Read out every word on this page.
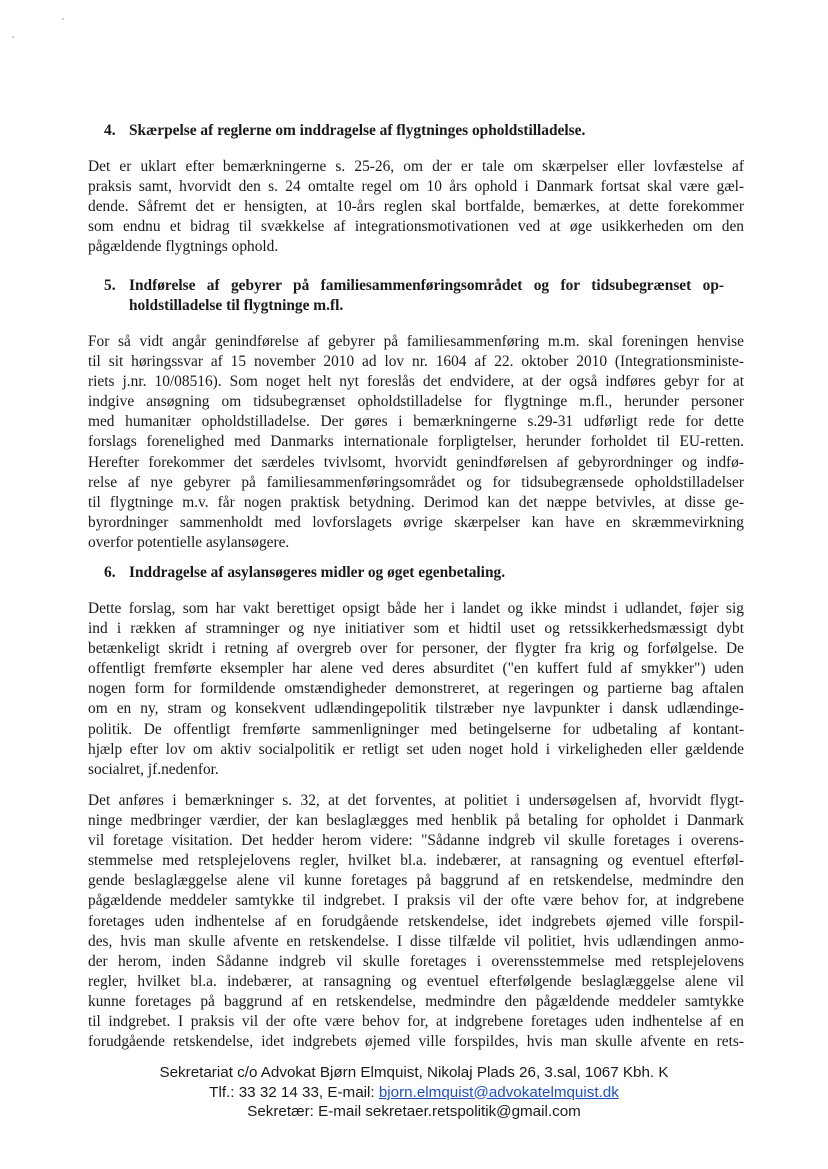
4. Skærpelse af reglerne om inddragelse af flygtninges opholdstilladelse.

Det er uklart efter bemærkningerne s. 25-26, om der er tale om skærpelser eller lovfæstelse af
praksis samt, hvorvidt den s. 24 omtalte regel om 10 års ophold i Danmark fortsat skal være gæl-
dende. Såfremt det er hensigten, at 10-års reglen skal bortfalde, bemærkes, at dette forekommer
som endnu et bidrag til svækkelse af integrationsmotivationen ved at øge usikkerheden om den
pågældende flygtnings ophold.

5. Indførelse af gebyrer på familiesammenføringsområdet og for tidsubegrænset op-
holdstilladelse til flygtninge m.fl.

For så vidt angår genindførelse af gebyrer på familiesammenføring m.m. skal foreningen henvise
til sit høringssvar af 15 november 2010 ad lov nr. 1604 af 22. oktober 2010 (Integrationsministe-
riets j.nr. 10/08516). Som noget helt nyt foreslås det endvidere, at der også indføres gebyr for at
indgive ansøgning om tidsubegrænset opholdstilladelse for flygtninge m.fl., herunder personer
med humanitær opholdstilladelse. Der gøres i bemærkningerne s.29-31 udførligt rede for dette
forslags forenelighed med Danmarks internationale forpligtelser, herunder forholdet til EU-retten.
Herefter forekommer det særdeles tvivlsomt, hvorvidt genindførelsen af gebyrordninger og indfø-
relse af nye gebyrer på familiesammenføringsområdet og for tidsubegrænsede opholdstilladelser
til flygtninge m.v. får nogen praktisk betydning. Derimod kan det næppe betvivles, at disse ge-
byrordninger sammenholdt med lovforslagets øvrige skærpelser kan have en skræmmevirkning
overfor potentielle asylansøgere.

6. Inddragelse af asylansøgeres midler og øget egenbetaling.

Dette forslag, som har vakt berettiget opsigt både her i landet og ikke mindst i udlandet, føjer sig
ind i rækken af stramninger og nye initiativer som et hidtil uset og retssikkerhedsmæssigt dybt
betænkeligt skridt i retning af overgreb over for personer, der flygter fra krig og forfølgelse. De
offentligt fremførte eksempler har alene ved deres absurditet ("en kuffert fuld af smykker") uden
nogen form for formildende omstændigheder demonstreret, at regeringen og partierne bag aftalen
om en ny, stram og konsekvent udlændingepolitik tilstræber nye lavpunkter i dansk udlændinge-
politik. De offentligt fremførte sammenligninger med betingelserne for udbetaling af kontant-
hjælp efter lov om aktiv socialpolitik er retligt set uden noget hold i virkeligheden eller gældende
socialret, jf.nedenfor.

Det anføres i bemærkninger s. 32, at det forventes, at politiet i undersøgelsen af, hvorvidt flygt-
ninge medbringer værdier, der kan beslaglægges med henblik på betaling for opholdet i Danmark
vil foretage visitation. Det hedder herom videre: "Sådanne indgreb vil skulle foretages i overens-
stemmelse med retsplejelovens regler, hvilket bl.a. indebærer, at ransagning og eventuel efterføl-
gende beslaglæggelse alene vil kunne foretages på baggrund af en retskendelse, medmindre den
pågældende meddeler samtykke til indgrebet. I praksis vil der ofte være behov for, at indgrebene
foretages uden indhentelse af en forudgående retskendelse, idet indgrebets øjemed ville forspil-
des, hvis man skulle afvente en retskendelse. I disse tilfælde vil politiet, hvis udlændingen anmo-
der herom, inden Sådanne indgreb vil skulle foretages i overensstemmelse med retsplejelovens
regler, hvilket bl.a. indebærer, at ransagning og eventuel efterfølgende beslaglæggelse alene vil
kunne foretages på baggrund af en retskendelse, medmindre den pågældende meddeler samtykke
til indgrebet. I praksis vil der ofte være behov for, at indgrebene foretages uden indhentelse af en
forudgående retskendelse, idet indgrebets øjemed ville forspildes, hvis man skulle afvente en rets-

Sekretariat c/o Advokat Bjørn Elmquist, Nikolaj Plads 26, 3.sal, 1067 Kbh. K
Tlf.: 33 32 14 33, E-mail: bjorn.elmquist@advokatelmquist.dk
Sekretær: E-mail sekretaer.retspolitik@gmail.com
